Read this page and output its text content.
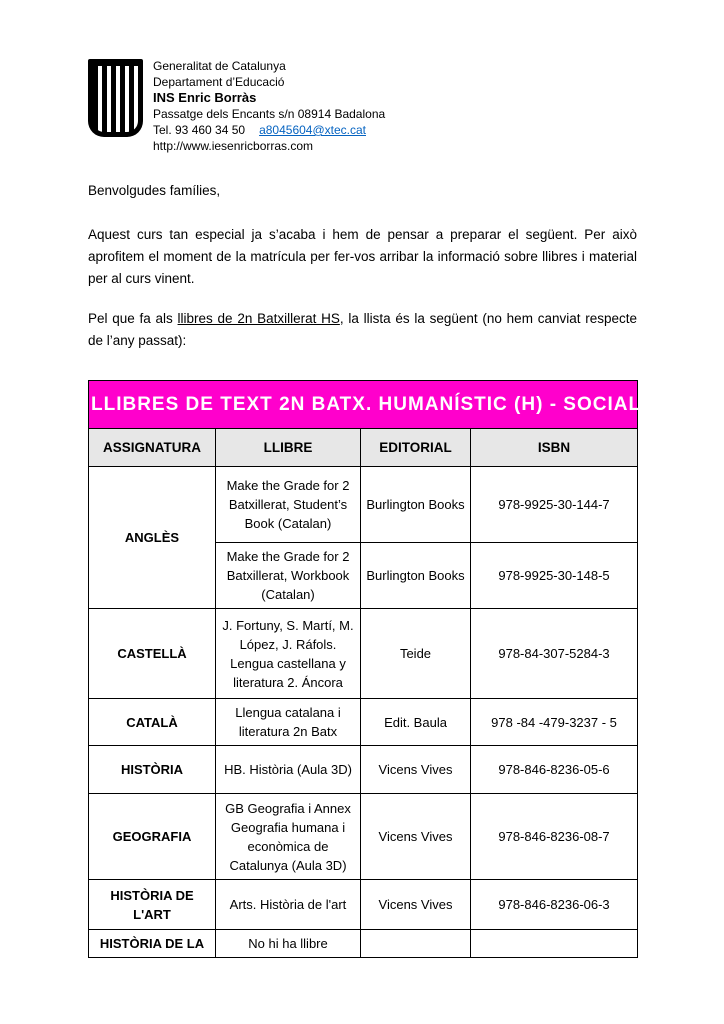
Generalitat de Catalunya
Departament d’Educació
INS Enric Borràs
Passatge dels Encants s/n 08914 Badalona
Tel. 93 460 34 50 a8045604@xtec.cat
http://www.iesenricborras.com
Benvolgudes famílies,

Aquest curs tan especial ja s’acaba i hem de pensar a preparar el següent. Per això aprofitem el moment de la matrícula per fer-vos arribar la informació sobre llibres i material per al curs vinent.

Pel que fa als llibres de 2n Batxillerat HS, la llista és la següent (no hem canviat respecte de l’any passat):

LLIBRES DE TEXT 2N BATX. HUMANÍSTIC (H) - SOCIAL (S)			
ASSIGNATURA	LLIBRE	EDITORIAL	ISBN
ANGLÈS	Make the Grade for 2 Batxillerat, Student’s Book (Catalan)	Burlington Books	978-9925-30-144-7
	Make the Grade for 2 Batxillerat, Workbook (Catalan)	Burlington Books	978-9925-30-148-5
CASTELLÀ	J. Fortuny, S. Martí, M. López, J. Ráfols. Lengua castellana y literatura 2. Áncora	Teide	978-84-307-5284-3
CATALÀ	Llengua catalana i literatura 2n Batx	Edit. Baula	978 -84 -479-3237 - 5
HISTÒRIA	HB. Història (Aula 3D)	Vicens Vives	978-846-8236-05-6
GEOGRAFIA	GB Geografia i Annex Geografia humana i econòmica de Catalunya (Aula 3D)	Vicens Vives	978-846-8236-08-7
HISTÒRIA DE L'ART	Arts. Història de l'art	Vicens Vives	978-846-8236-06-3
HISTÒRIA DE LA	No hi ha llibre		
